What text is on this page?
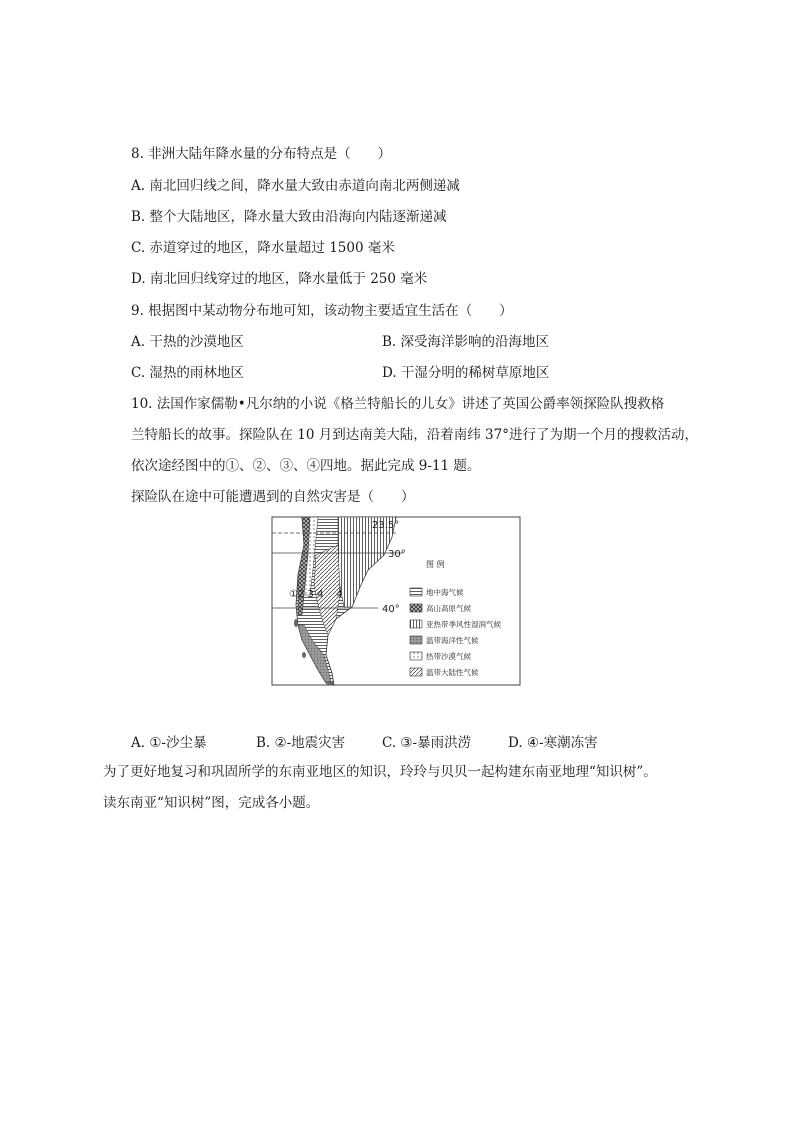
8. 非洲大陆年降水量的分布特点是（　　）
A. 南北回归线之间，降水量大致由赤道向南北两侧递减
B. 整个大陆地区，降水量大致由沿海向内陆逐渐递减
C. 赤道穿过的地区，降水量超过 1500 毫米
D. 南北回归线穿过的地区，降水量低于 250 毫米
9. 根据图中某动物分布地可知，该动物主要适宜生活在（　　）
A. 干热的沙漠地区	B. 深受海洋影响的沿海地区
C. 湿热的雨林地区	D. 干湿分明的稀树草原地区
10. 法国作家儒勒•凡尔纳的小说《格兰特船长的儿女》讲述了英国公爵率领探险队搜救格
兰特船长的故事。探险队在 10 月到达南美大陆，沿着南纬 37°进行了为期一个月的搜救活动，
依次途经图中的①、②、③、④四地。据此完成 9-11 题。
探险队在途中可能遭遇到的自然灾害是（　　）
23.5°
30°
40°
①2 3 4 4
图 例
地中海气候
高山高原气候
亚热带季风性湿润气候
温带海洋性气候
热带沙漠气候
温带大陆性气候
A. ①-沙尘暴	B. ②-地震灾害	C. ③-暴雨洪涝	D. ④-寒潮冻害
为了更好地复习和巩固所学的东南亚地区的知识，玲玲与贝贝一起构建东南亚地理“知识树”。
读东南亚“知识树”图，完成各小题。
